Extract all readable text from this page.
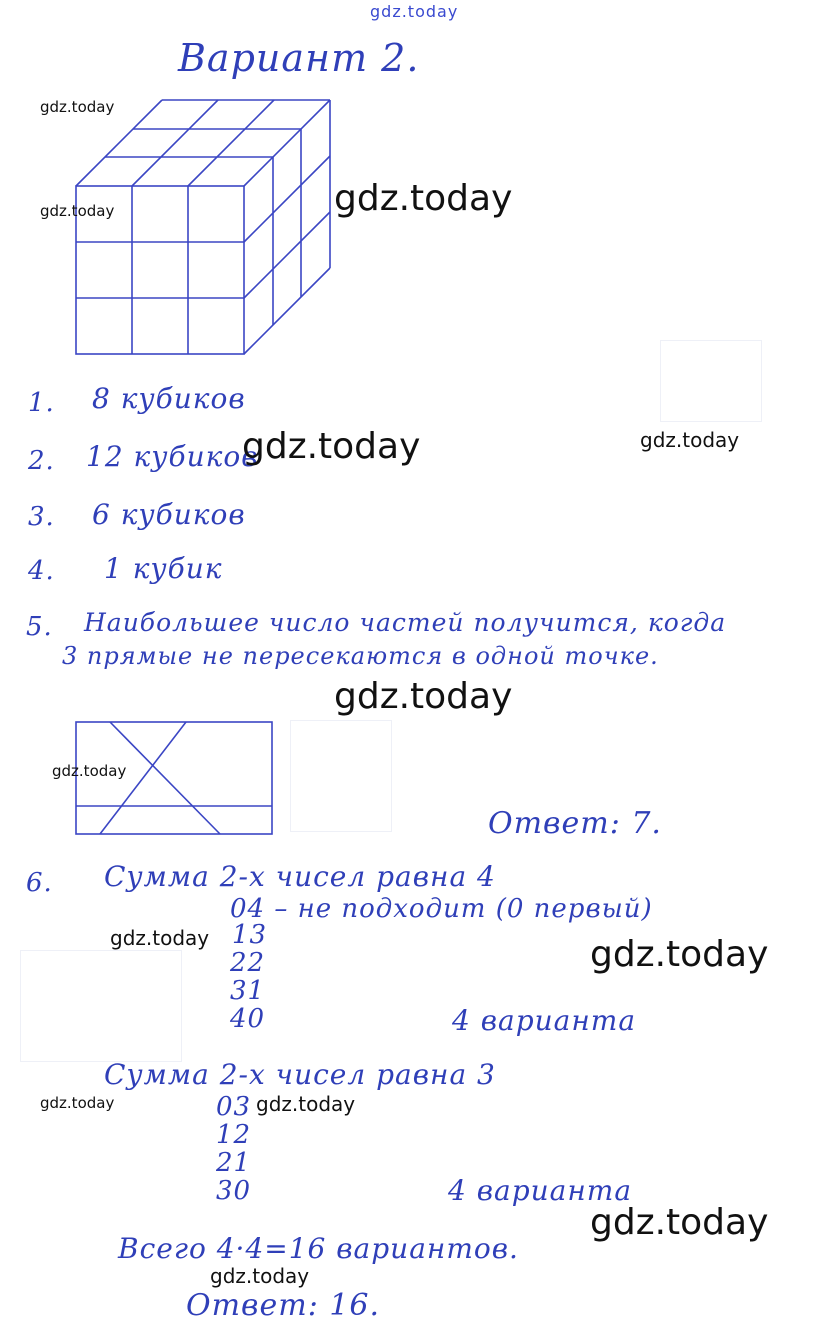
gdz.today
Вариант 2.
1. 8 кубиков
2. 12 кубиков
3. 6 кубиков
4. 1 кубик
5. Наибольшее число частей получится, когда
3 прямые не пересекаются в одной точке.
Ответ: 7.
6. Сумма 2-х чисел равна 4
04 – не подходит (0 первый)
13
22
31
40	4 варианта
Сумма 2-х чисел равна 3
03
12
21
30	4 варианта
Всего 4·4=16 вариантов.
Ответ: 16.
gdz.today
gdz.today	gdz.today
gdz.today	gdz.today
gdz.today
gdz.today
gdz.today	gdz.today
gdz.today	gdz.today
gdz.today
gdz.today
